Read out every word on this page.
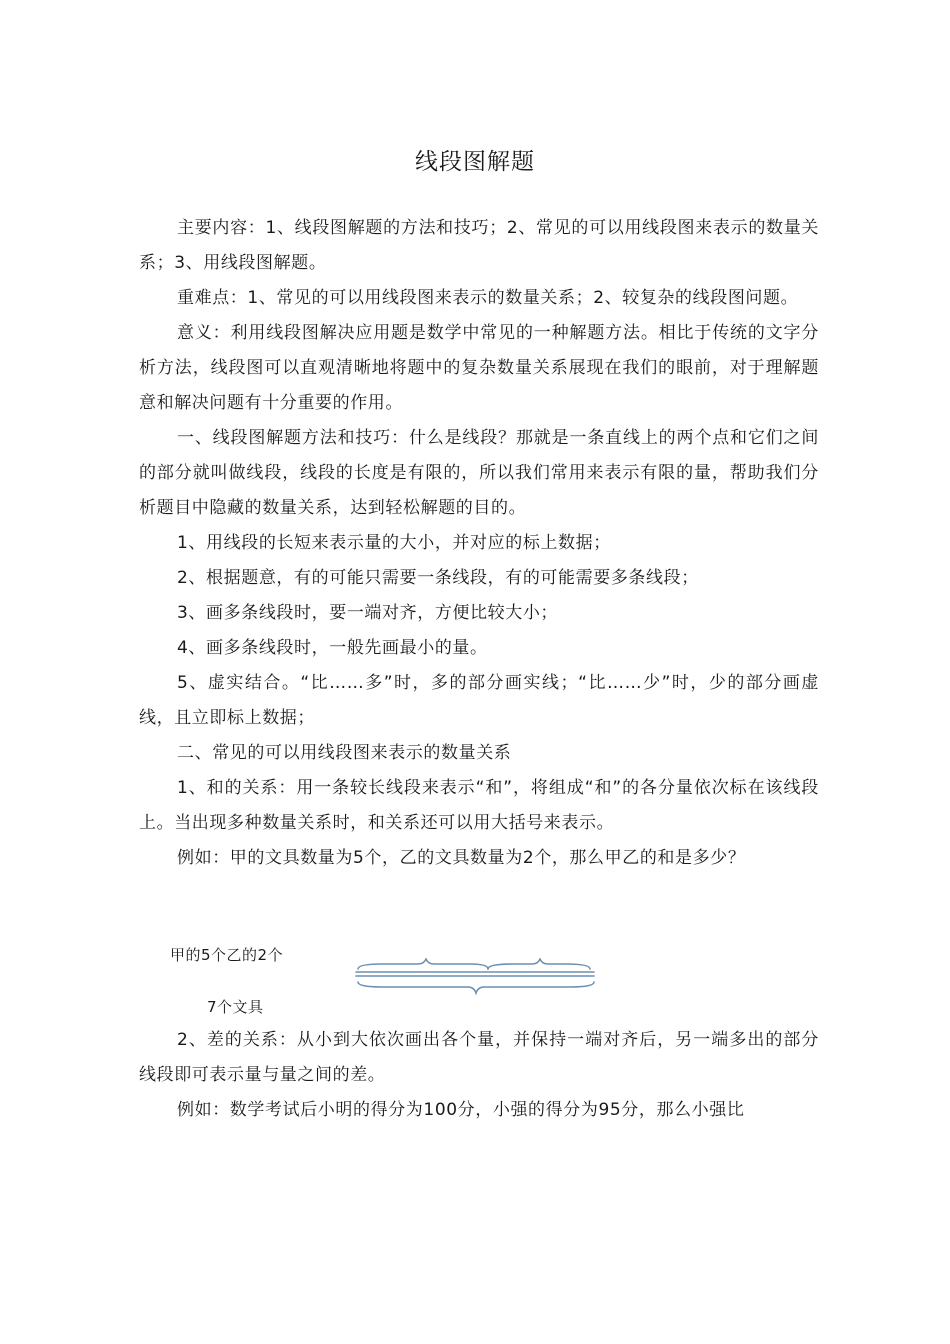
线段图解题

主要内容：1、线段图解题的方法和技巧；2、常见的可以用线段图来表示的数量关系；3、用线段图解题。

重难点：1、常见的可以用线段图来表示的数量关系；2、较复杂的线段图问题。

意义：利用线段图解决应用题是数学中常见的一种解题方法。相比于传统的文字分析方法，线段图可以直观清晰地将题中的复杂数量关系展现在我们的眼前，对于理解题意和解决问题有十分重要的作用。

一、线段图解题方法和技巧：什么是线段？那就是一条直线上的两个点和它们之间的部分就叫做线段，线段的长度是有限的，所以我们常用来表示有限的量，帮助我们分析题目中隐藏的数量关系，达到轻松解题的目的。

1、用线段的长短来表示量的大小，并对应的标上数据；

2、根据题意，有的可能只需要一条线段，有的可能需要多条线段；

3、画多条线段时，要一端对齐，方便比较大小；

4、画多条线段时，一般先画最小的量。

5、虚实结合。“比……多”时，多的部分画实线；“比……少”时，少的部分画虚线，且立即标上数据；

二、常见的可以用线段图来表示的数量关系

1、和的关系：用一条较长线段来表示“和”，将组成“和”的各分量依次标在该线段上。当出现多种数量关系时，和关系还可以用大括号来表示。

例如：甲的文具数量为5个，乙的文具数量为2个，那么甲乙的和是多少？

甲的5个乙的2个
7个文具

2、差的关系：从小到大依次画出各个量，并保持一端对齐后，另一端多出的部分线段即可表示量与量之间的差。

例如：数学考试后小明的得分为100分，小强的得分为95分，那么小强比
